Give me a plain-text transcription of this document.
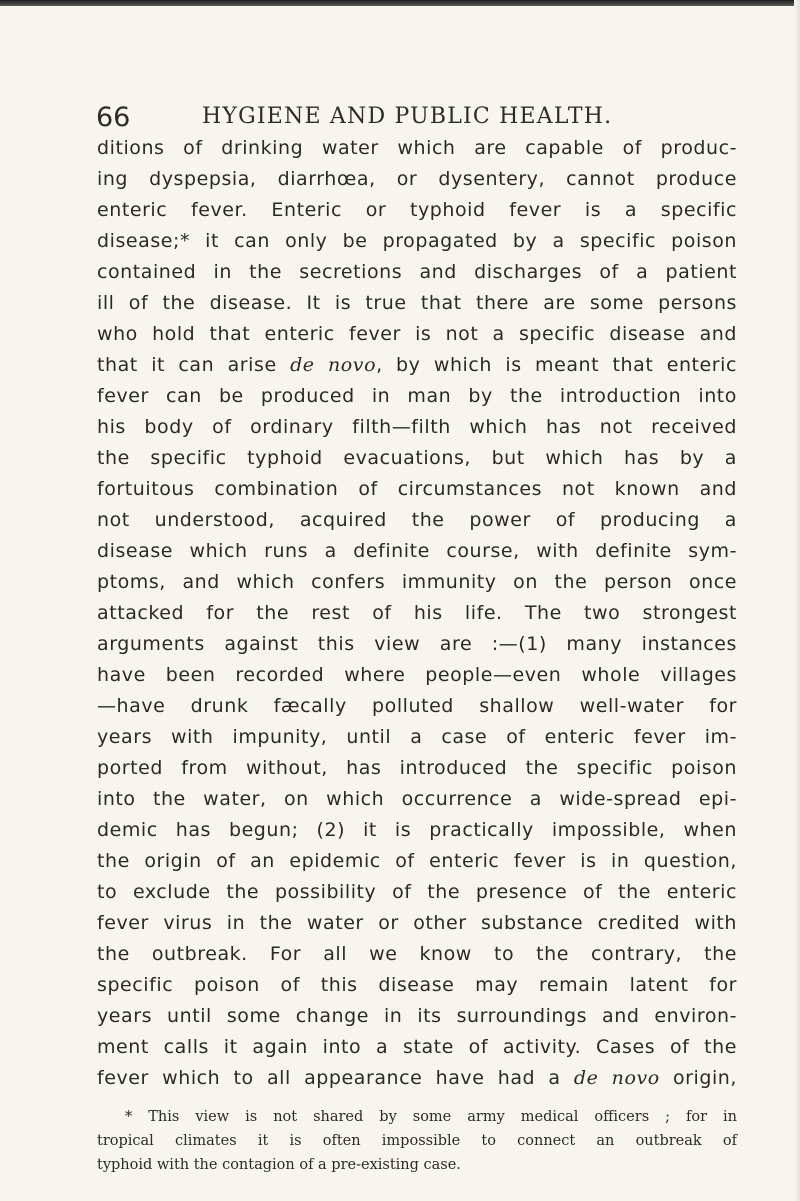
66	HYGIENE AND PUBLIC HEALTH.
ditions of drinking water which are capable of produc-
ing dyspepsia, diarrhœa, or dysentery, cannot produce
enteric fever. Enteric or typhoid fever is a specific
disease;* it can only be propagated by a specific poison
contained in the secretions and discharges of a patient
ill of the disease. It is true that there are some persons
who hold that enteric fever is not a specific disease and
that it can arise de novo, by which is meant that enteric
fever can be produced in man by the introduction into
his body of ordinary filth—filth which has not received
the specific typhoid evacuations, but which has by a
fortuitous combination of circumstances not known and
not understood, acquired the power of producing a
disease which runs a definite course, with definite sym-
ptoms, and which confers immunity on the person once
attacked for the rest of his life. The two strongest
arguments against this view are :—(1) many instances
have been recorded where people—even whole villages
—have drunk fæcally polluted shallow well-water for
years with impunity, until a case of enteric fever im-
ported from without, has introduced the specific poison
into the water, on which occurrence a wide-spread epi-
demic has begun; (2) it is practically impossible, when
the origin of an epidemic of enteric fever is in question,
to exclude the possibility of the presence of the enteric
fever virus in the water or other substance credited with
the outbreak. For all we know to the contrary, the
specific poison of this disease may remain latent for
years until some change in its surroundings and environ-
ment calls it again into a state of activity. Cases of the
fever which to all appearance have had a de novo origin,
* This view is not shared by some army medical officers ; for in
tropical climates it is often impossible to connect an outbreak of
typhoid with the contagion of a pre-existing case.
